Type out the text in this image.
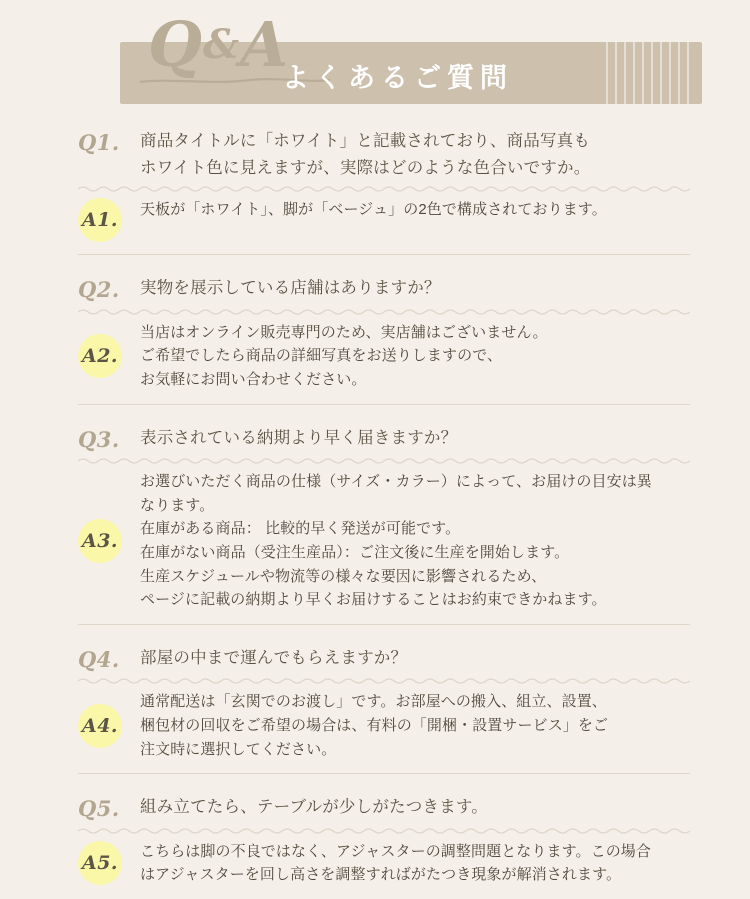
Q&A
よくあるご質問
Q1.	商品タイトルに「ホワイト」と記載されており、商品写真も
ホワイト色に見えますが、実際はどのような色合いですか。
A1. 天板が「ホワイト」、脚が「ベージュ」の2色で構成されております。
Q2.	実物を展示している店舗はありますか？
A2.
当店はオンライン販売専門のため、実店舗はございません。
ご希望でしたら商品の詳細写真をお送りしますので、
お気軽にお問い合わせください。
Q3.	表示されている納期より早く届きますか？
A3.
お選びいただく商品の仕様（サイズ・カラー）によって、お届けの目安は異
なります。
在庫がある商品： 比較的早く発送が可能です。
在庫がない商品（受注生産品）：ご注文後に生産を開始します。
生産スケジュールや物流等の様々な要因に影響されるため、
ページに記載の納期より早くお届けすることはお約束できかねます。
Q4.	部屋の中まで運んでもらえますか？
A4.
通常配送は「玄関でのお渡し」です。お部屋への搬入、組立、設置、
梱包材の回収をご希望の場合は、有料の「開梱・設置サービス」をご
注文時に選択してください。
Q5.	組み立てたら、テーブルが少しがたつきます。
A5.
こちらは脚の不良ではなく、アジャスターの調整問題となります。この場合
はアジャスターを回し高さを調整すればがたつき現象が解消されます。
